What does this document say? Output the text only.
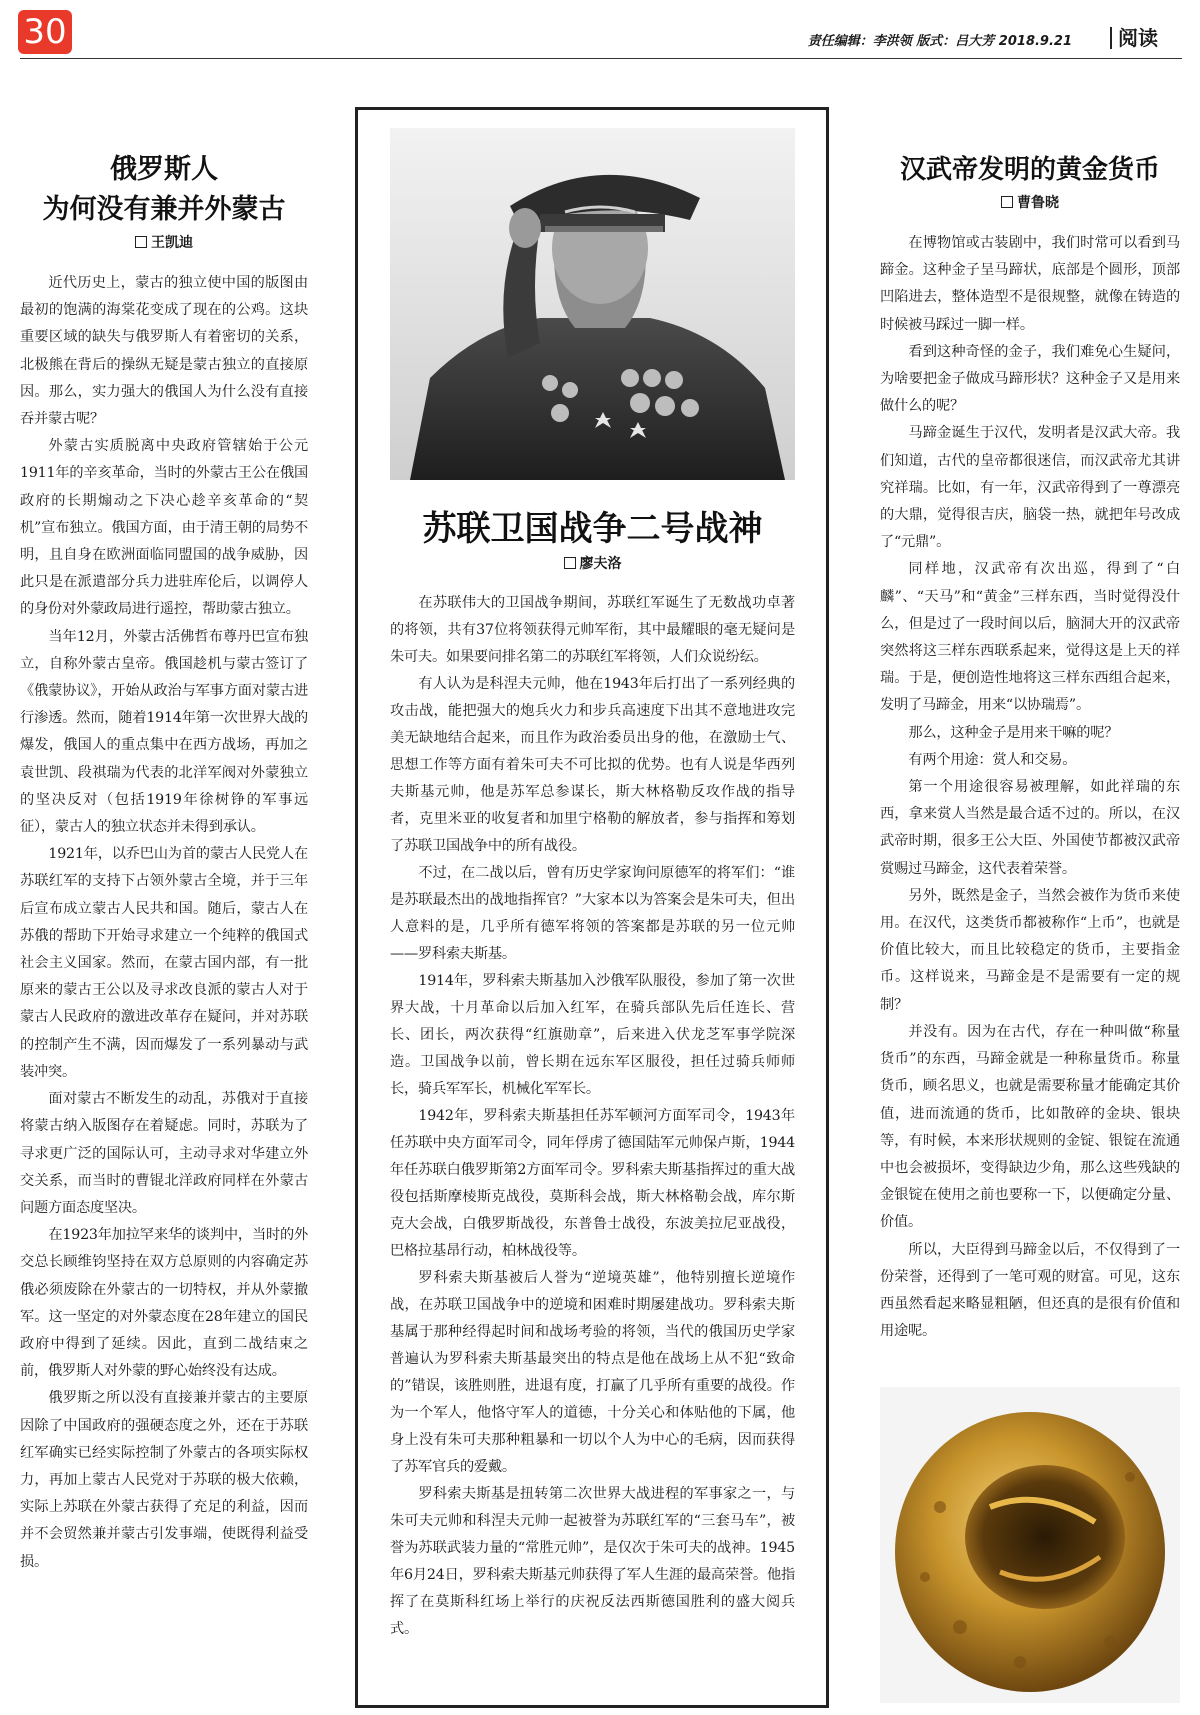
30	责任编辑：李洪领 版式：吕大芳 2018.9.21 阅读
俄罗斯人
为何没有兼并外蒙古
王凯迪

近代历史上，蒙古的独立使中国的版图由最初的饱满的海棠花变成了现在的公鸡。这块重要区域的缺失与俄罗斯人有着密切的关系，北极熊在背后的操纵无疑是蒙古独立的直接原因。那么，实力强大的俄国人为什么没有直接吞并蒙古呢？

外蒙古实质脱离中央政府管辖始于公元1911年的辛亥革命，当时的外蒙古王公在俄国政府的长期煽动之下决心趁辛亥革命的“契机”宣布独立。俄国方面，由于清王朝的局势不明，且自身在欧洲面临同盟国的战争威胁，因此只是在派遣部分兵力进驻库伦后，以调停人的身份对外蒙政局进行遥控，帮助蒙古独立。

当年12月，外蒙古活佛哲布尊丹巴宣布独立，自称外蒙古皇帝。俄国趁机与蒙古签订了《俄蒙协议》，开始从政治与军事方面对蒙古进行渗透。然而，随着1914年第一次世界大战的爆发，俄国人的重点集中在西方战场，再加之袁世凯、段祺瑞为代表的北洋军阀对外蒙独立的坚决反对（包括1919年徐树铮的军事远征），蒙古人的独立状态并未得到承认。

1921年，以乔巴山为首的蒙古人民党人在苏联红军的支持下占领外蒙古全境，并于三年后宣布成立蒙古人民共和国。随后，蒙古人在苏俄的帮助下开始寻求建立一个纯粹的俄国式社会主义国家。然而，在蒙古国内部，有一批原来的蒙古王公以及寻求改良派的蒙古人对于蒙古人民政府的激进改革存在疑问，并对苏联的控制产生不满，因而爆发了一系列暴动与武装冲突。

面对蒙古不断发生的动乱，苏俄对于直接将蒙古纳入版图存在着疑虑。同时，苏联为了寻求更广泛的国际认可，主动寻求对华建立外交关系，而当时的曹锟北洋政府同样在外蒙古问题方面态度坚决。

在1923年加拉罕来华的谈判中，当时的外交总长顾维钧坚持在双方总原则的内容确定苏俄必须废除在外蒙古的一切特权，并从外蒙撤军。这一坚定的对外蒙态度在28年建立的国民政府中得到了延续。因此，直到二战结束之前，俄罗斯人对外蒙的野心始终没有达成。

俄罗斯之所以没有直接兼并蒙古的主要原因除了中国政府的强硬态度之外，还在于苏联红军确实已经实际控制了外蒙古的各项实际权力，再加上蒙古人民党对于苏联的极大依赖，实际上苏联在外蒙古获得了充足的利益，因而并不会贸然兼并蒙古引发事端，使既得利益受损。

苏联卫国战争二号战神
廖夫洛

在苏联伟大的卫国战争期间，苏联红军诞生了无数战功卓著的将领，共有37位将领获得元帅军衔，其中最耀眼的毫无疑问是朱可夫。如果要问排名第二的苏联红军将领，人们众说纷纭。

有人认为是科涅夫元帅，他在1943年后打出了一系列经典的攻击战，能把强大的炮兵火力和步兵高速度下出其不意地进攻完美无缺地结合起来，而且作为政治委员出身的他，在激励士气、思想工作等方面有着朱可夫不可比拟的优势。也有人说是华西列夫斯基元帅，他是苏军总参谋长，斯大林格勒反攻作战的指导者，克里米亚的收复者和加里宁格勒的解放者，参与指挥和筹划了苏联卫国战争中的所有战役。

不过，在二战以后，曾有历史学家询问原德军的将军们：“谁是苏联最杰出的战地指挥官？”大家本以为答案会是朱可夫，但出人意料的是，几乎所有德军将领的答案都是苏联的另一位元帅——罗科索夫斯基。

1914年，罗科索夫斯基加入沙俄军队服役，参加了第一次世界大战，十月革命以后加入红军，在骑兵部队先后任连长、营长、团长，两次获得“红旗勋章”，后来进入伏龙芝军事学院深造。卫国战争以前，曾长期在远东军区服役，担任过骑兵师师长，骑兵军军长，机械化军军长。

1942年，罗科索夫斯基担任苏军顿河方面军司令，1943年任苏联中央方面军司令，同年俘虏了德国陆军元帅保卢斯，1944年任苏联白俄罗斯第2方面军司令。罗科索夫斯基指挥过的重大战役包括斯摩棱斯克战役，莫斯科会战，斯大林格勒会战，库尔斯克大会战，白俄罗斯战役，东普鲁士战役，东波美拉尼亚战役，巴格拉基昂行动，柏林战役等。

罗科索夫斯基被后人誉为“逆境英雄”，他特别擅长逆境作战，在苏联卫国战争中的逆境和困难时期屡建战功。罗科索夫斯基属于那种经得起时间和战场考验的将领，当代的俄国历史学家普遍认为罗科索夫斯基最突出的特点是他在战场上从不犯“致命的”错误，该胜则胜，进退有度，打赢了几乎所有重要的战役。作为一个军人，他恪守军人的道德，十分关心和体贴他的下属，他身上没有朱可夫那种粗暴和一切以个人为中心的毛病，因而获得了苏军官兵的爱戴。

罗科索夫斯基是扭转第二次世界大战进程的军事家之一，与朱可夫元帅和科涅夫元帅一起被誉为苏联红军的“三套马车”，被誉为苏联武装力量的“常胜元帅”，是仅次于朱可夫的战神。1945年6月24日，罗科索夫斯基元帅获得了军人生涯的最高荣誉。他指挥了在莫斯科红场上举行的庆祝反法西斯德国胜利的盛大阅兵式。

汉武帝发明的黄金货币
曹鲁晓

在博物馆或古装剧中，我们时常可以看到马蹄金。这种金子呈马蹄状，底部是个圆形，顶部凹陷进去，整体造型不是很规整，就像在铸造的时候被马踩过一脚一样。

看到这种奇怪的金子，我们难免心生疑问，为啥要把金子做成马蹄形状？这种金子又是用来做什么的呢？

马蹄金诞生于汉代，发明者是汉武大帝。我们知道，古代的皇帝都很迷信，而汉武帝尤其讲究祥瑞。比如，有一年，汉武帝得到了一尊漂亮的大鼎，觉得很吉庆，脑袋一热，就把年号改成了“元鼎”。

同样地，汉武帝有次出巡，得到了“白麟”、“天马”和“黄金”三样东西，当时觉得没什么，但是过了一段时间以后，脑洞大开的汉武帝突然将这三样东西联系起来，觉得这是上天的祥瑞。于是，便创造性地将这三样东西组合起来，发明了马蹄金，用来“以协瑞焉”。

那么，这种金子是用来干嘛的呢？

有两个用途：赏人和交易。

第一个用途很容易被理解，如此祥瑞的东西，拿来赏人当然是最合适不过的。所以，在汉武帝时期，很多王公大臣、外国使节都被汉武帝赏赐过马蹄金，这代表着荣誉。

另外，既然是金子，当然会被作为货币来使用。在汉代，这类货币都被称作“上币”，也就是价值比较大，而且比较稳定的货币，主要指金币。这样说来，马蹄金是不是需要有一定的规制？

并没有。因为在古代，存在一种叫做“称量货币”的东西，马蹄金就是一种称量货币。称量货币，顾名思义，也就是需要称量才能确定其价值，进而流通的货币，比如散碎的金块、银块等，有时候，本来形状规则的金锭、银锭在流通中也会被损坏，变得缺边少角，那么这些残缺的金银锭在使用之前也要称一下，以便确定分量、价值。

所以，大臣得到马蹄金以后，不仅得到了一份荣誉，还得到了一笔可观的财富。可见，这东西虽然看起来略显粗陋，但还真的是很有价值和用途呢。
